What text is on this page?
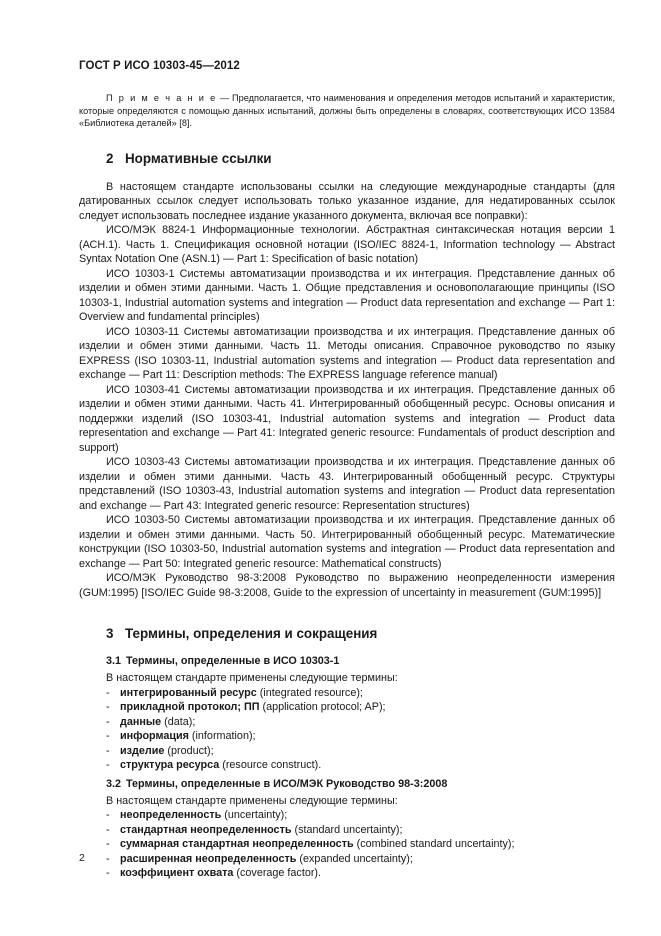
ГОСТ Р ИСО 10303-45—2012
П р и м е ч а н и е — Предполагается, что наименования и определения методов испытаний и характеристик, которые определяются с помощью данных испытаний, должны быть определены в словарях, соответствующих ИСО 13584 «Библиотека деталей» [8].
2 Нормативные ссылки

В настоящем стандарте использованы ссылки на следующие международные стандарты (для датированных ссылок следует использовать только указанное издание, для недатированных ссылок следует использовать последнее издание указанного документа, включая все поправки):

ИСО/МЭК 8824-1 Информационные технологии. Абстрактная синтаксическая нотация версии 1 (АСН.1). Часть 1. Спецификация основной нотации (ISO/IEC 8824-1, Information technology — Abstract Syntax Notation One (ASN.1) — Part 1: Specification of basic notation)

ИСО 10303-1 Системы автоматизации производства и их интеграция. Представление данных об изделии и обмен этими данными. Часть 1. Общие представления и основополагающие принципы (ISO 10303-1, Industrial automation systems and integration — Product data representation and exchange — Part 1: Overview and fundamental principles)

ИСО 10303-11 Системы автоматизации производства и их интеграция. Представление данных об изделии и обмен этими данными. Часть 11. Методы описания. Справочное руководство по языку EXPRESS (ISO 10303-11, Industrial automation systems and integration — Product data representation and exchange — Part 11: Description methods: The EXPRESS language reference manual)

ИСО 10303-41 Системы автоматизации производства и их интеграция. Представление данных об изделии и обмен этими данными. Часть 41. Интегрированный обобщенный ресурс. Основы описания и поддержки изделий (ISO 10303-41, Industrial automation systems and integration — Product data representation and exchange — Part 41: Integrated generic resource: Fundamentals of product description and support)

ИСО 10303-43 Системы автоматизации производства и их интеграция. Представление данных об изделии и обмен этими данными. Часть 43. Интегрированный обобщенный ресурс. Структуры представлений (ISO 10303-43, Industrial automation systems and integration — Product data representation and exchange — Part 43: Integrated generic resource: Representation structures)

ИСО 10303-50 Системы автоматизации производства и их интеграция. Представление данных об изделии и обмен этими данными. Часть 50. Интегрированный обобщенный ресурс. Математические конструкции (ISO 10303-50, Industrial automation systems and integration — Product data representation and exchange — Part 50: Integrated generic resource: Mathematical constructs)

ИСО/МЭК Руководство 98-3:2008 Руководство по выражению неопределенности измерения (GUM:1995) [ISO/IEC Guide 98-3:2008, Guide to the expression of uncertainty in measurement (GUM:1995)]

3 Термины, определения и сокращения
3.1 Термины, определенные в ИСО 10303-1

В настоящем стандарте применены следующие термины:

- интегрированный ресурс (integrated resource);
- прикладной протокол; ПП (application protocol; AP);
- данные (data);
- информация (information);
- изделие (product);
- структура ресурса (resource construct).
3.2 Термины, определенные в ИСО/МЭК Руководство 98-3:2008

В настоящем стандарте применены следующие термины:

- неопределенность (uncertainty);
- стандартная неопределенность (standard uncertainty);
- суммарная стандартная неопределенность (combined standard uncertainty);
- расширенная неопределенность (expanded uncertainty);
- коэффициент охвата (coverage factor).
2
